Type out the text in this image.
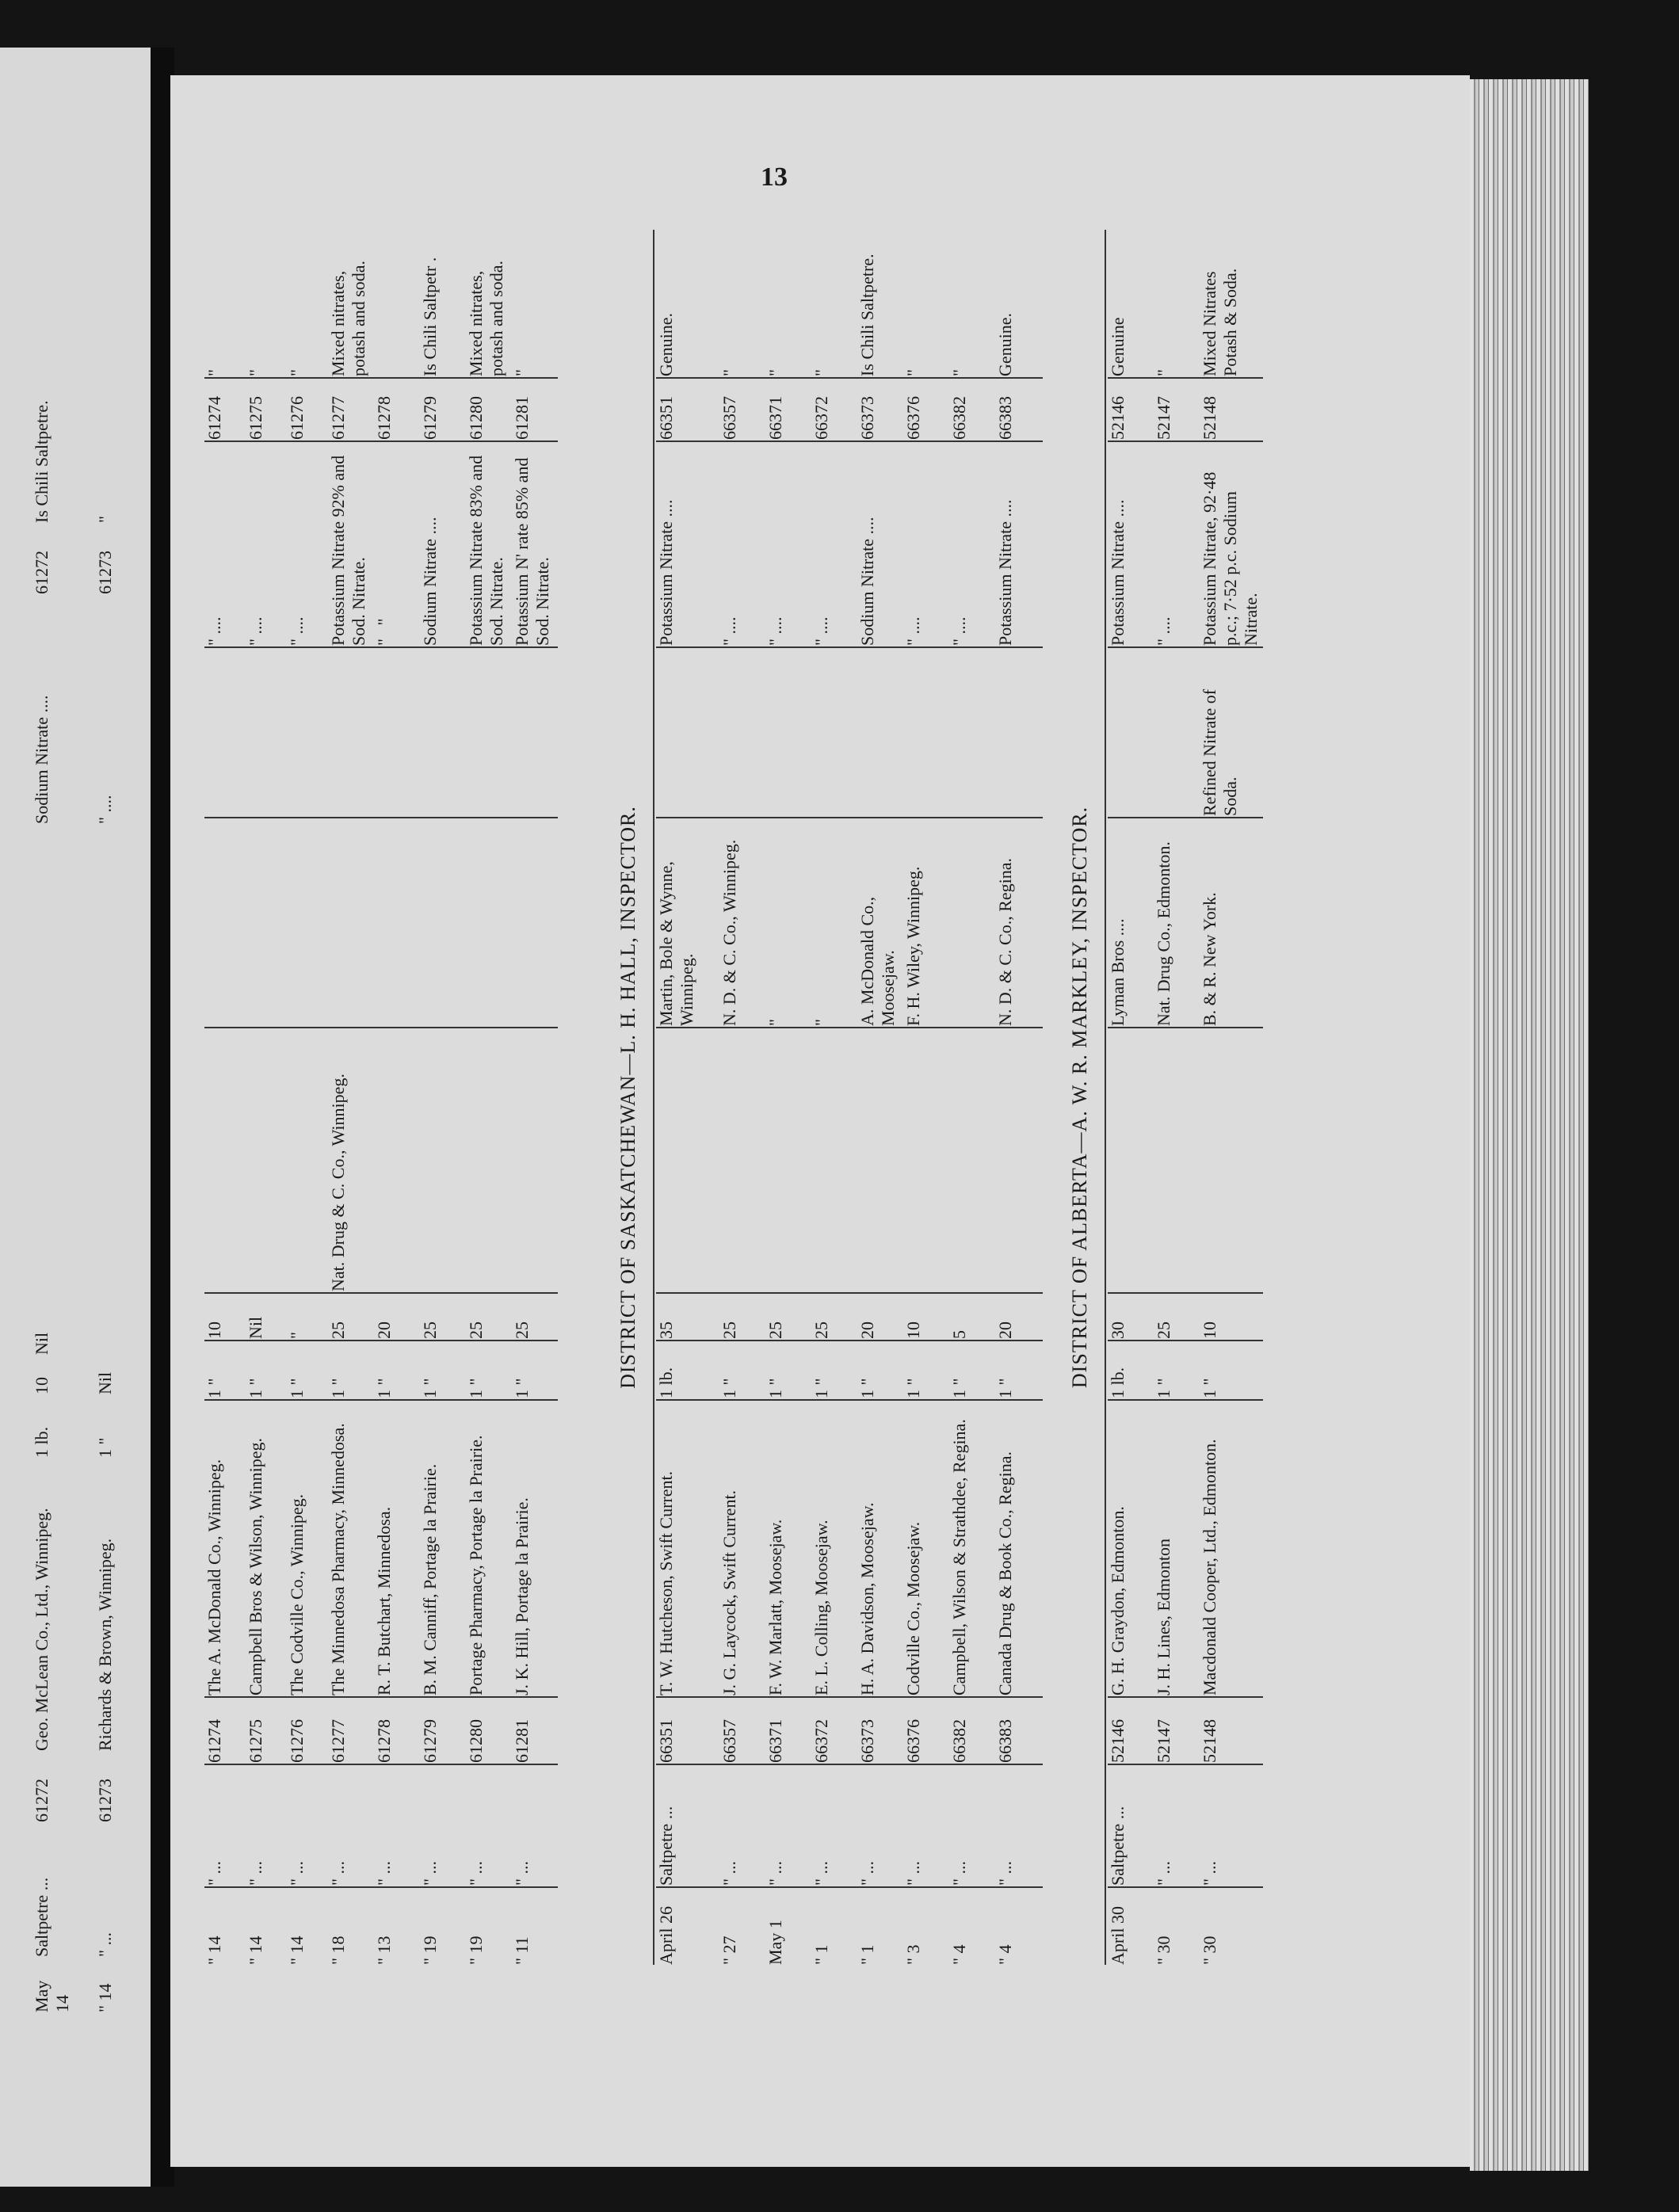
May 14
Saltpetre ...
61272
Geo. McLean Co., Ltd., Winnipeg.
1 lb.
10
Nil
Sodium Nitrate ....
61272
Is Chili Saltpetre.
" 14
" ...
61273
Richards & Brown, Winnipeg.
1 "
Nil
" ....
61273
"
13
" 14
" ...
61274
The A. McDonald Co., Winnipeg.
1 "
10
" ....
61274
"
" 14
" ...
61275
Campbell Bros & Wilson, Winnipeg.
1 "
Nil
" ....
61275
"
" 14
" ...
61276
The Codville Co., Winnipeg.
1 "
"
" ....
61276
"
" 18
" ...
61277
The Minnedosa Pharmacy, Minnedosa.
1 "
25
Nat. Drug & C. Co., Winnipeg.
Potassium Nitrate 92% and Sod. Nitrate.
61277
Mixed nitrates, potash and soda.
" 13
" ...
61278
R. T. Butchart, Minnedosa.
1 "
20
"   "
61278
" 19
" ...
61279
B. M. Canniff, Portage la Prairie.
1 "
25
Sodium Nitrate ....
61279
Is Chili Saltpetr .
" 19
" ...
61280
Portage Pharmacy, Portage la Prairie.
1 "
25
Potassium Nitrate 83% and Sod. Nitrate.
61280
Mixed nitrates, potash and soda.
" 11
" ...
61281
J. K. Hill, Portage la Prairie.
1 "
25
Potassium N' rate 85% and Sod. Nitrate.
61281
"
DISTRICT OF SASKATCHEWAN—L. H. HALL, INSPECTOR.
April 26
Saltpetre ...
66351
T. W. Hutcheson, Swift Current.
1 lb.
35
Martin, Bole & Wynne, Winnipeg.
Potassium Nitrate ....
66351
Genuine.
" 27
" ...
66357
J. G. Laycock, Swift Current.
1 "
25
N. D. & C. Co., Winnipeg.
" ....
66357
"
May 1
" ...
66371
F. W. Marlatt, Moosejaw.
1 "
25
"
" ....
66371
"
" 1
" ...
66372
E. L. Colling, Moosejaw.
1 "
25
"
" ....
66372
"
" 1
" ...
66373
H. A. Davidson, Moosejaw.
1 "
20
A. McDonald Co., Moosejaw.
Sodium Nitrate ....
66373
Is Chili Saltpetre.
" 3
" ...
66376
Codville Co., Moosejaw.
1 "
10
F. H. Wiley, Winnipeg.
" ....
66376
"
" 4
" ...
66382
Campbell, Wilson & Strathdee, Regina.
1 "
5
" ....
66382
"
" 4
" ...
66383
Canada Drug & Book Co., Regina.
1 "
20
N. D. & C. Co., Regina.
Potassium Nitrate ....
66383
Genuine.
DISTRICT OF ALBERTA—A. W. R. MARKLEY, INSPECTOR.
April 30
Saltpetre ...
52146
G. H. Graydon, Edmonton.
1 lb.
30
Lyman Bros ....
Potassium Nitrate ....
52146
Genuine
" 30
" ...
52147
J. H. Lines, Edmonton
1 "
25
Nat. Drug Co., Edmonton.
" ....
52147
"
" 30
" ...
52148
Macdonald Cooper, Ltd., Edmonton.
1 "
10
B. & R. New York.
Refined Nitrate of Soda.
Potassium Nitrate, 92·48 p.c.; 7·52 p.c. Sodium Nitrate.
52148
Mixed Nitrates Potash & Soda.
